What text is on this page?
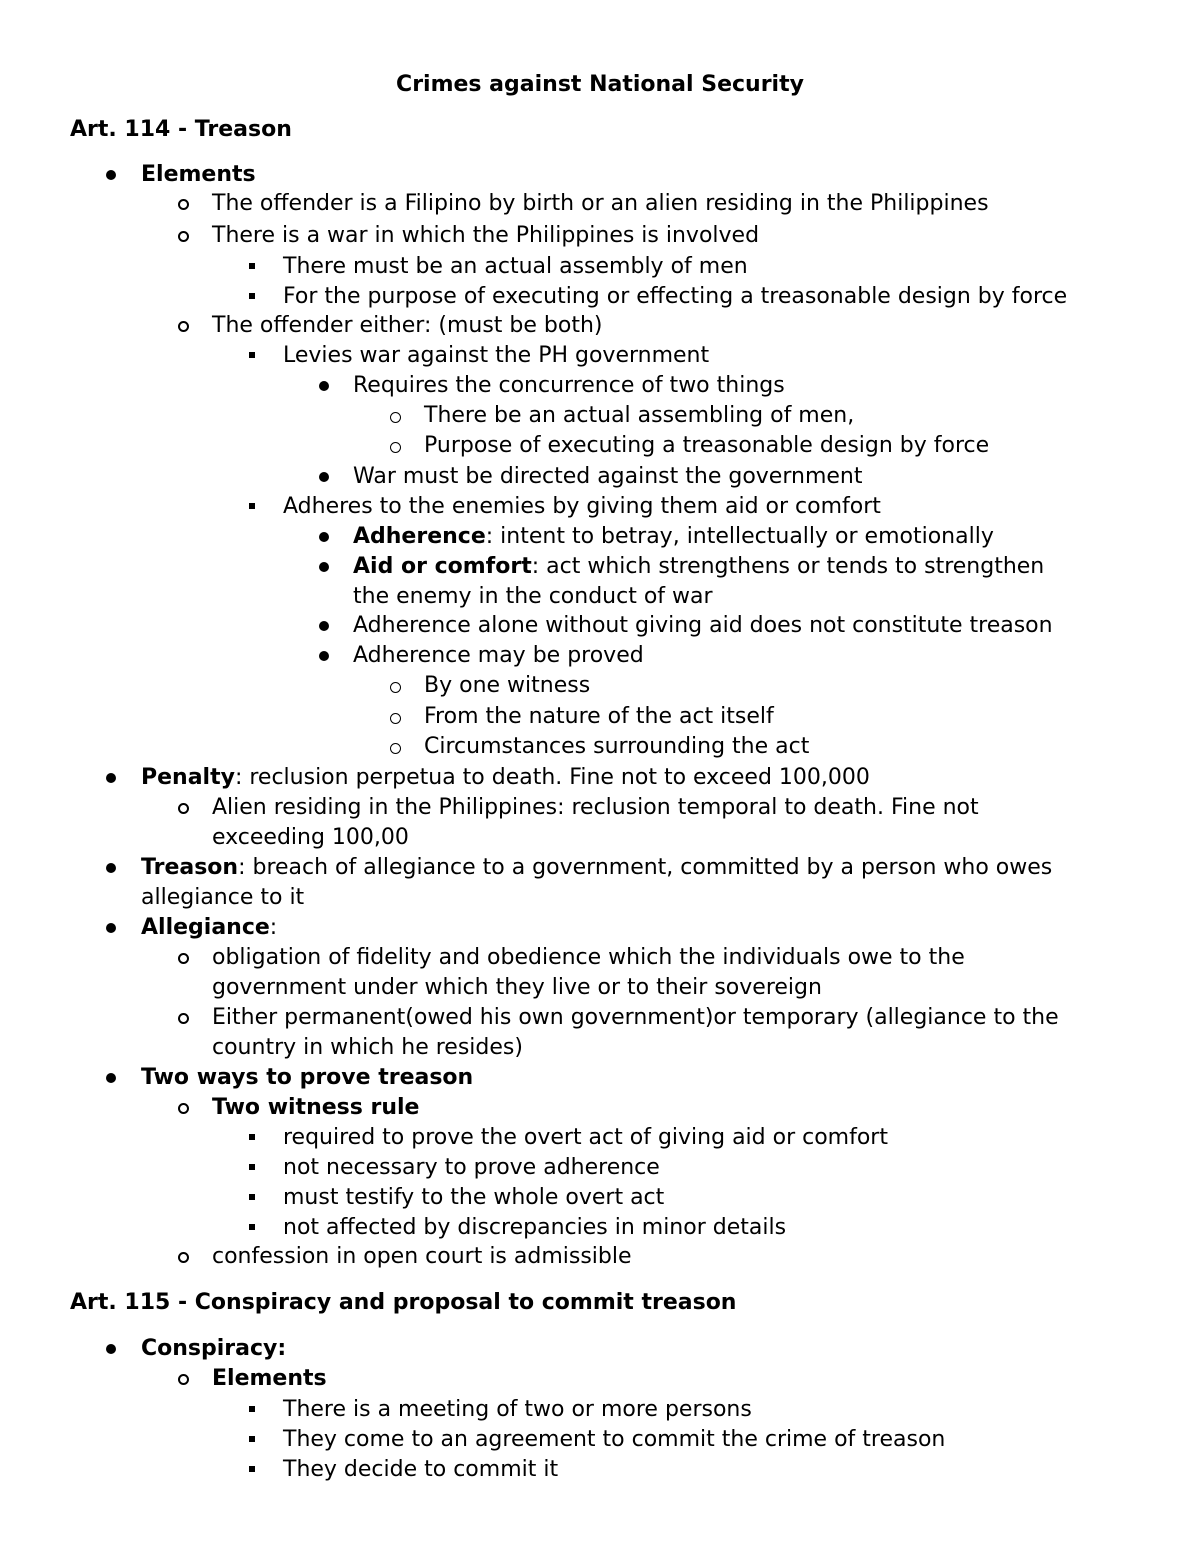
Crimes against National Security
Art. 114 - Treason
Art. 115 - Conspiracy and proposal to commit treason
Elements
The offender is a Filipino by birth or an alien residing in the Philippines
There is a war in which the Philippines is involved
There must be an actual assembly of men
For the purpose of executing or effecting a treasonable design by force
The offender either: (must be both)
Levies war against the PH government
Requires the concurrence of two things
There be an actual assembling of men,
Purpose of executing a treasonable design by force
War must be directed against the government
Adheres to the enemies by giving them aid or comfort
Adherence: intent to betray, intellectually or emotionally
Aid or comfort: act which strengthens or tends to strengthen
the enemy in the conduct of war
Adherence alone without giving aid does not constitute treason
Adherence may be proved
By one witness
From the nature of the act itself
Circumstances surrounding the act
Penalty: reclusion perpetua to death. Fine not to exceed 100,000
Alien residing in the Philippines: reclusion temporal to death. Fine not
exceeding 100,00
Treason: breach of allegiance to a government, committed by a person who owes
allegiance to it
Allegiance:
obligation of fidelity and obedience which the individuals owe to the
government under which they live or to their sovereign
Either permanent(owed his own government)or temporary (allegiance to the
country in which he resides)
Two ways to prove treason
Two witness rule
required to prove the overt act of giving aid or comfort
not necessary to prove adherence
must testify to the whole overt act
not affected by discrepancies in minor details
confession in open court is admissible
Conspiracy:
Elements
There is a meeting of two or more persons
They come to an agreement to commit the crime of treason
They decide to commit it
